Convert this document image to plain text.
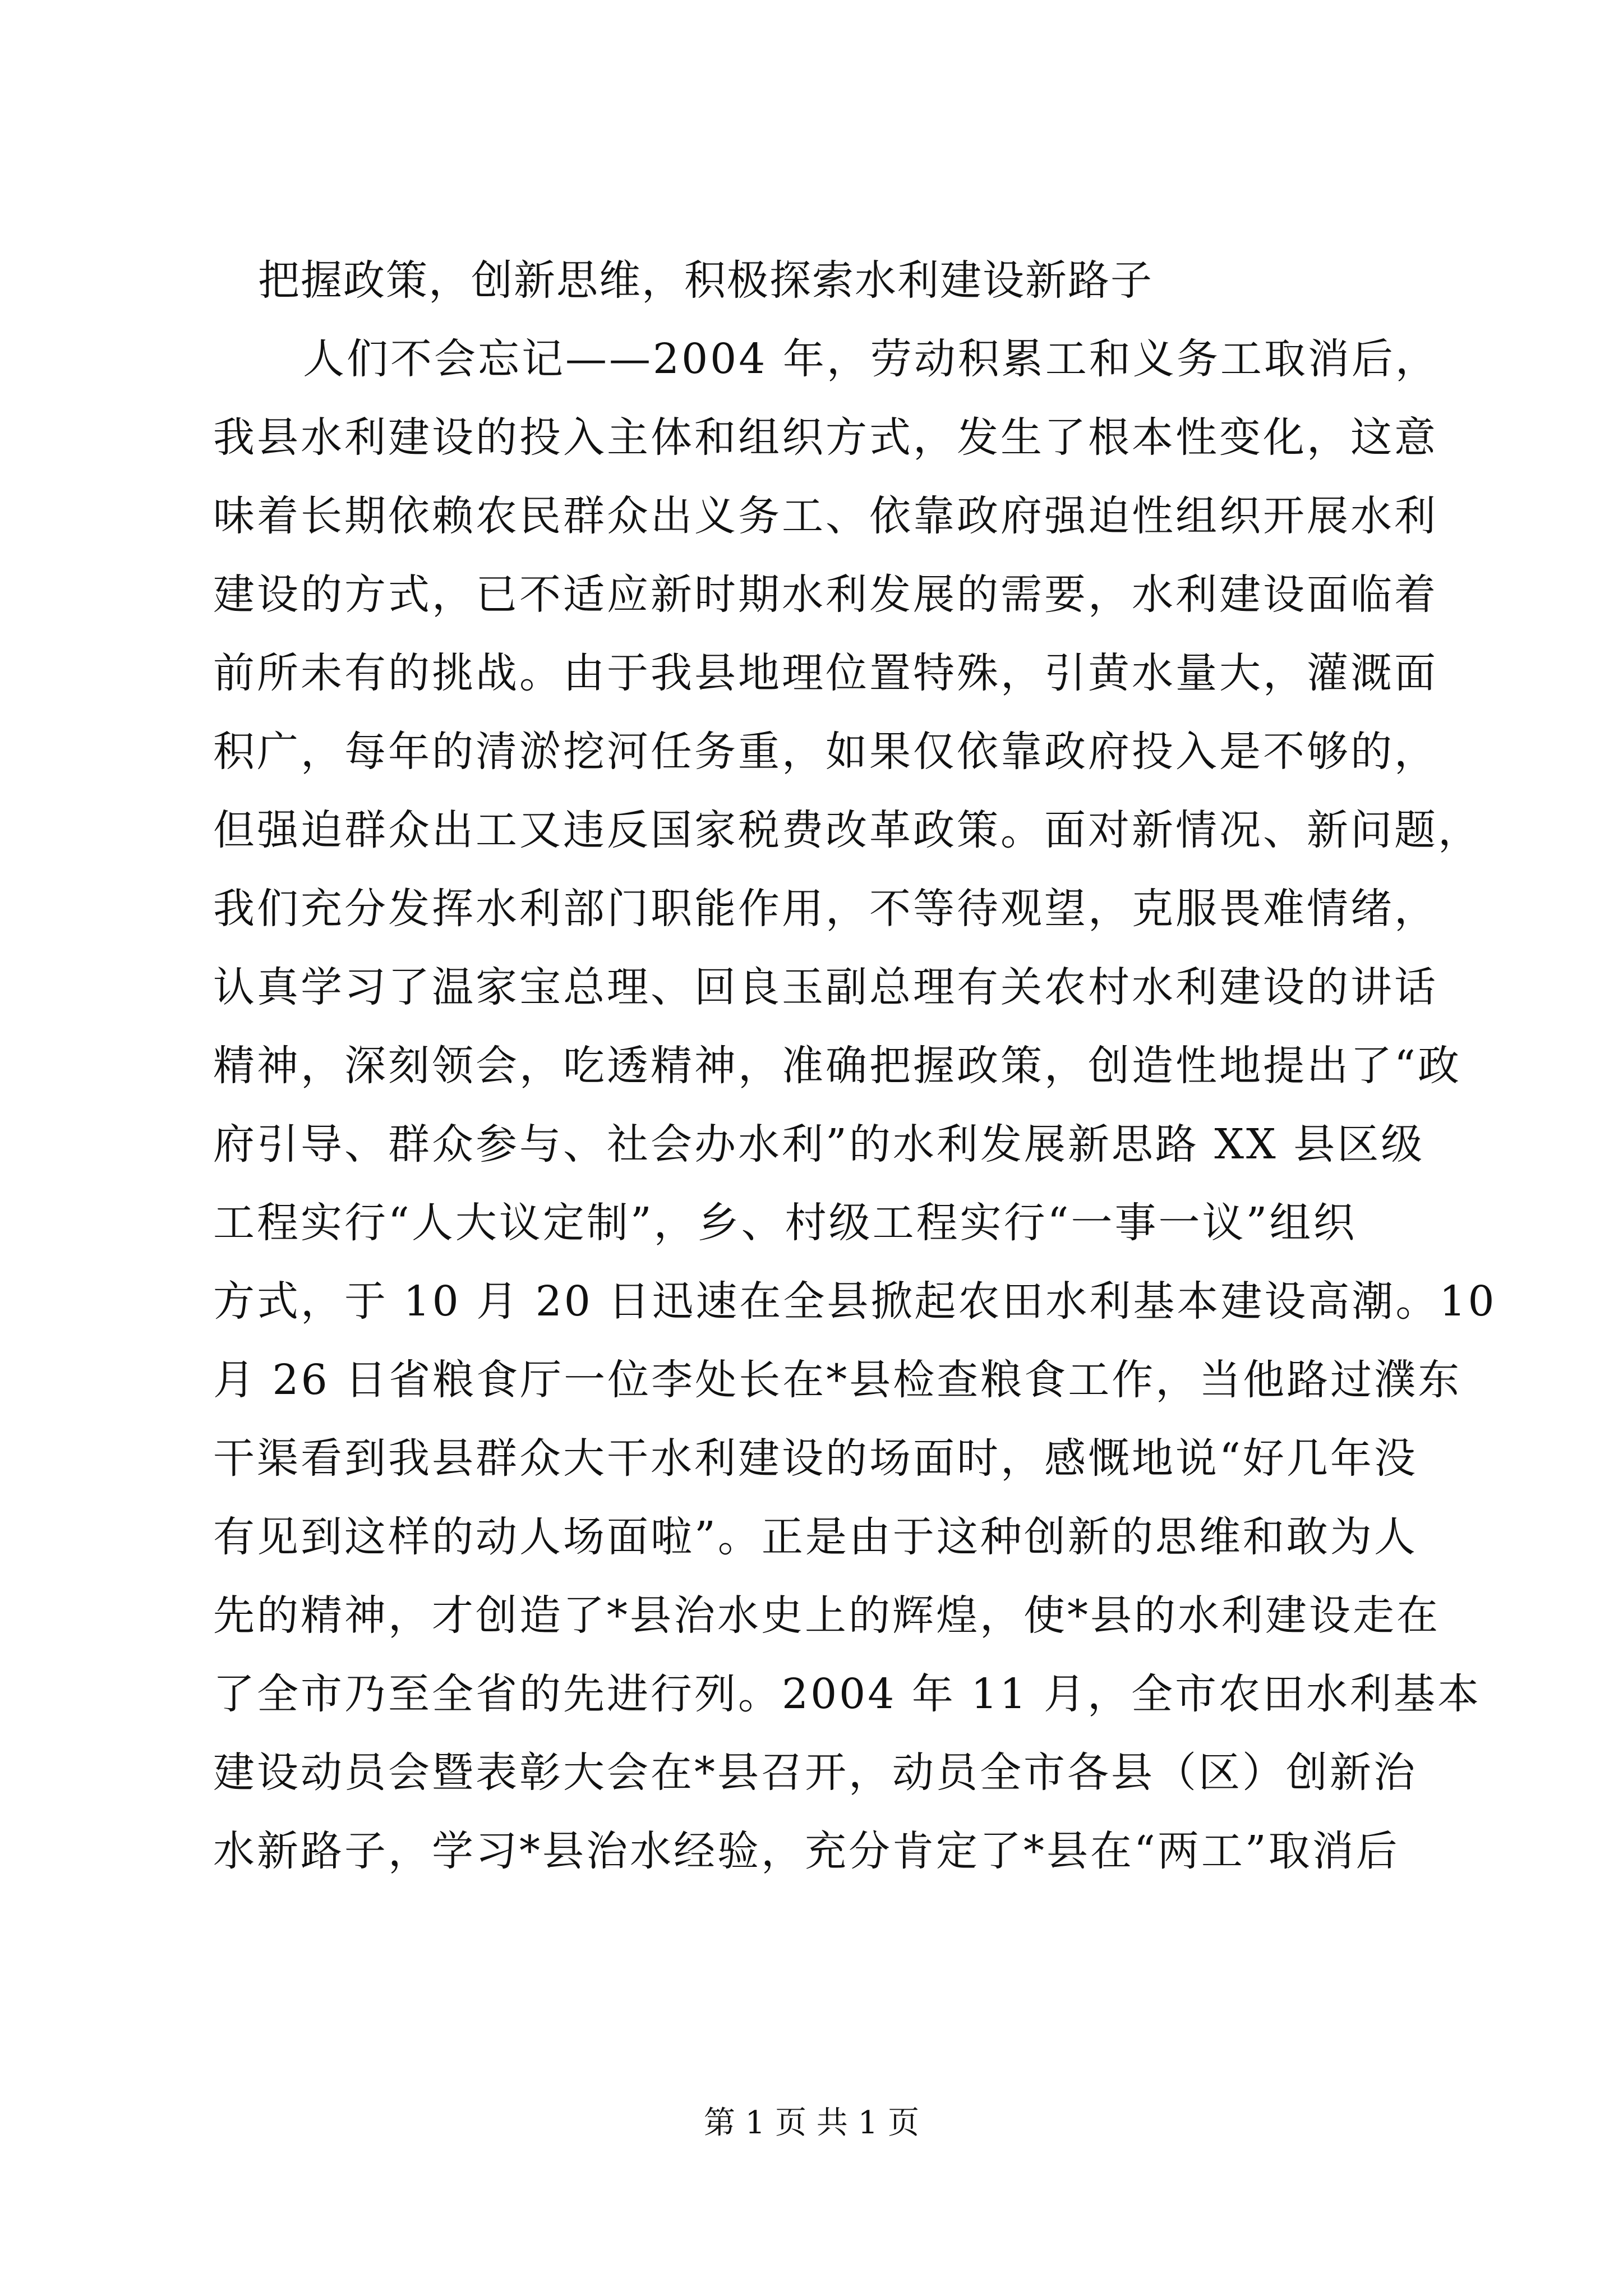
把握政策，创新思维，积极探索水利建设新路子
人们不会忘记——2004 年，劳动积累工和义务工取消后，
我县水利建设的投入主体和组织方式，发生了根本性变化，这意
味着长期依赖农民群众出义务工、依靠政府强迫性组织开展水利
建设的方式，已不适应新时期水利发展的需要，水利建设面临着
前所未有的挑战。由于我县地理位置特殊，引黄水量大，灌溉面
积广，每年的清淤挖河任务重，如果仅依靠政府投入是不够的，
但强迫群众出工又违反国家税费改革政策。面对新情况、新问题，
我们充分发挥水利部门职能作用，不等待观望，克服畏难情绪，
认真学习了温家宝总理、回良玉副总理有关农村水利建设的讲话
精神，深刻领会，吃透精神，准确把握政策，创造性地提出了“政
府引导、群众参与、社会办水利”的水利发展新思路 XX 县区级
工程实行“人大议定制”，乡、村级工程实行“一事一议”组织
方式，于 10 月 20 日迅速在全县掀起农田水利基本建设高潮。10
月 26 日省粮食厅一位李处长在*县检查粮食工作，当他路过濮东
干渠看到我县群众大干水利建设的场面时，感慨地说“好几年没
有见到这样的动人场面啦”。正是由于这种创新的思维和敢为人
先的精神，才创造了*县治水史上的辉煌，使*县的水利建设走在
了全市乃至全省的先进行列。2004 年 11 月，全市农田水利基本
建设动员会暨表彰大会在*县召开，动员全市各县（区）创新治
水新路子，学习*县治水经验，充分肯定了*县在“两工”取消后
第 1 页 共 1 页
